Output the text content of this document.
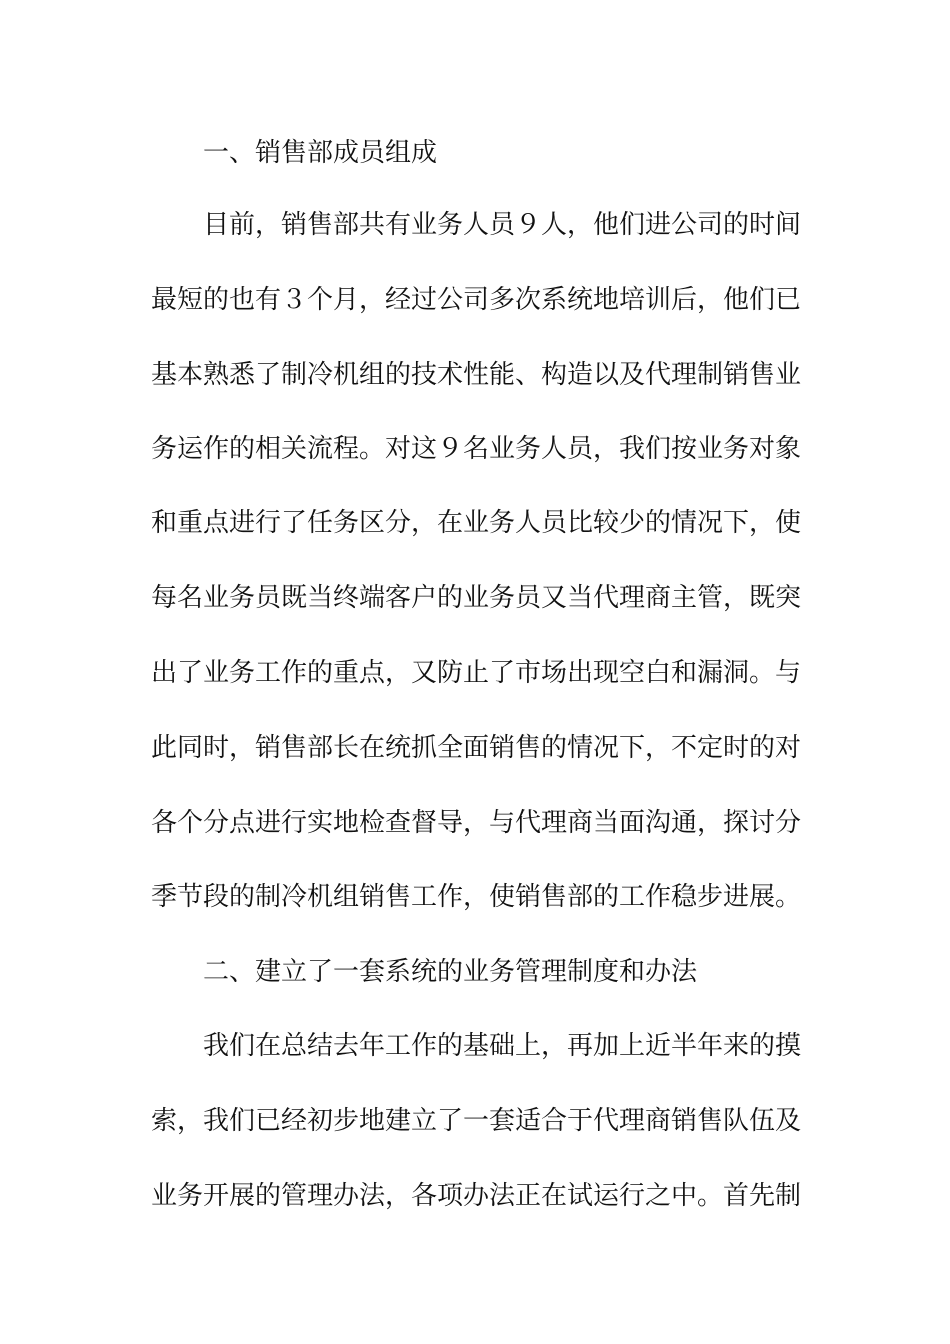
一、销售部成员组成
目前，销售部共有业务人员９人，他们进公司的时间
最短的也有３个月，经过公司多次系统地培训后，他们已
基本熟悉了制冷机组的技术性能、构造以及代理制销售业
务运作的相关流程。对这９名业务人员，我们按业务对象
和重点进行了任务区分，在业务人员比较少的情况下，使
每名业务员既当终端客户的业务员又当代理商主管，既突
出了业务工作的重点，又防止了市场出现空白和漏洞。与
此同时，销售部长在统抓全面销售的情况下，不定时的对
各个分点进行实地检查督导，与代理商当面沟通，探讨分
季节段的制冷机组销售工作，使销售部的工作稳步进展。
二、建立了一套系统的业务管理制度和办法
我们在总结去年工作的基础上，再加上近半年来的摸
索，我们已经初步地建立了一套适合于代理商销售队伍及
业务开展的管理办法，各项办法正在试运行之中。首先制
